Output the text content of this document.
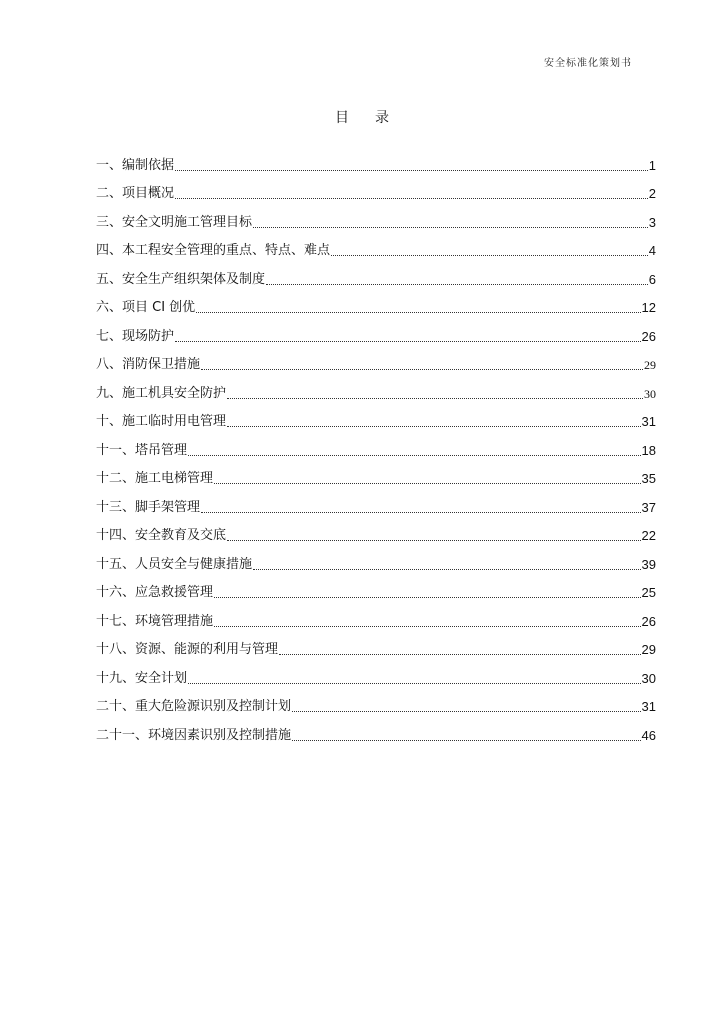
安全标准化策划书
目录
一、编制依据	1
二、项目概况	2
三、安全文明施工管理目标	3
四、本工程安全管理的重点、特点、难点	4
五、安全生产组织架体及制度	6
六、项目 CI 创优	12
七、现场防护	26
八、消防保卫措施	29
九、施工机具安全防护	30
十、施工临时用电管理	31
十一、塔吊管理	18
十二、施工电梯管理	35
十三、脚手架管理	37
十四、安全教育及交底	22
十五、人员安全与健康措施	39
十六、应急救援管理	25
十七、环境管理措施	26
十八、资源、能源的利用与管理	29
十九、安全计划	30
二十、重大危险源识别及控制计划	31
二十一、环境因素识别及控制措施	46
